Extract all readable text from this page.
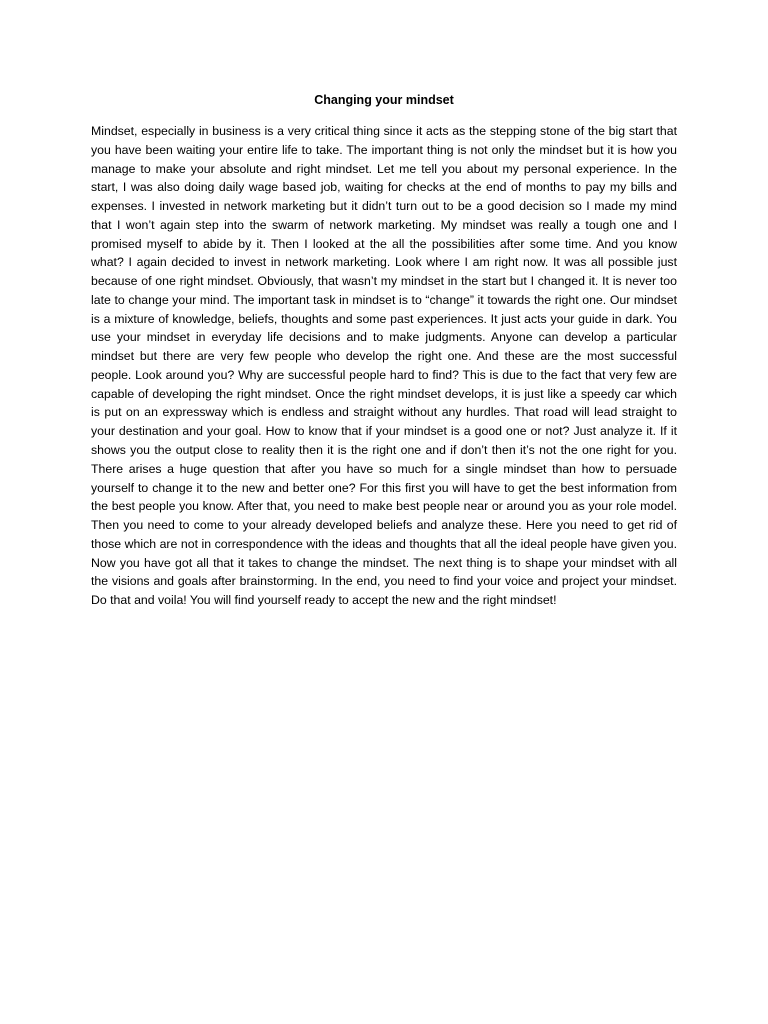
Changing your mindset

Mindset, especially in business is a very critical thing since it acts as the stepping stone of the big start that you have been waiting your entire life to take. The important thing is not only the mindset but it is how you manage to make your absolute and right mindset. Let me tell you about my personal experience. In the start, I was also doing daily wage based job, waiting for checks at the end of months to pay my bills and expenses. I invested in network marketing but it didn’t turn out to be a good decision so I made my mind that I won’t again step into the swarm of network marketing. My mindset was really a tough one and I promised myself to abide by it. Then I looked at the all the possibilities after some time. And you know what? I again decided to invest in network marketing. Look where I am right now. It was all possible just because of one right mindset. Obviously, that wasn’t my mindset in the start but I changed it. It is never too late to change your mind. The important task in mindset is to “change” it towards the right one. Our mindset is a mixture of knowledge, beliefs, thoughts and some past experiences. It just acts your guide in dark. You use your mindset in everyday life decisions and to make judgments. Anyone can develop a particular mindset but there are very few people who develop the right one. And these are the most successful people. Look around you? Why are successful people hard to find? This is due to the fact that very few are capable of developing the right mindset. Once the right mindset develops, it is just like a speedy car which is put on an expressway which is endless and straight without any hurdles. That road will lead straight to your destination and your goal. How to know that if your mindset is a good one or not? Just analyze it. If it shows you the output close to reality then it is the right one and if don’t then it’s not the one right for you. There arises a huge question that after you have so much for a single mindset than how to persuade yourself to change it to the new and better one? For this first you will have to get the best information from the best people you know. After that, you need to make best people near or around you as your role model. Then you need to come to your already developed beliefs and analyze these. Here you need to get rid of those which are not in correspondence with the ideas and thoughts that all the ideal people have given you. Now you have got all that it takes to change the mindset. The next thing is to shape your mindset with all the visions and goals after brainstorming. In the end, you need to find your voice and project your mindset. Do that and voila! You will find yourself ready to accept the new and the right mindset!
